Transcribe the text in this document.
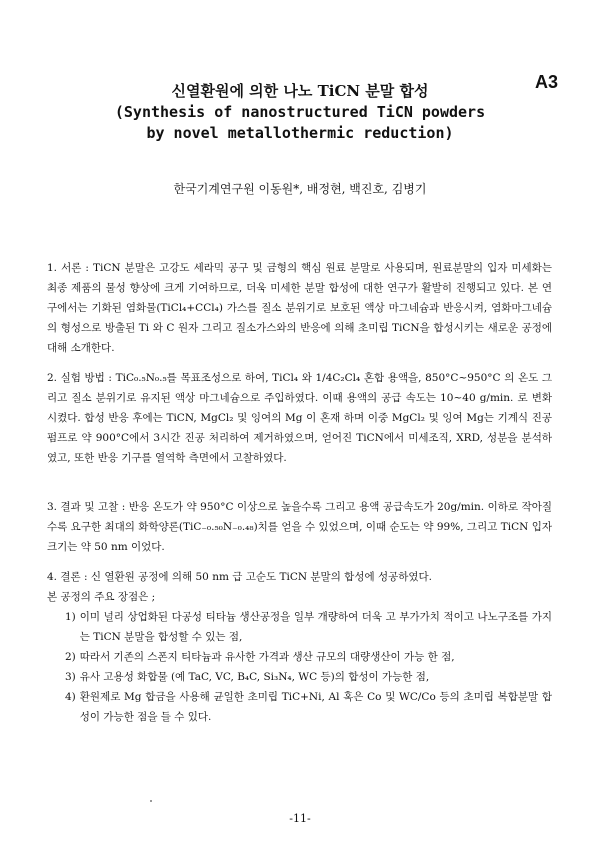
A3
신열환원에 의한 나노 TiCN 분말 합성
(Synthesis of nanostructured TiCN powders
by novel metallothermic reduction)
한국기계연구원 이동원*, 배정현, 백진호, 김병기
1. 서론 : TiCN 분말은 고강도 세라믹 공구 및 금형의 핵심 원료 분말로 사용되며, 원료분말의 입자 미세화는 최종 제품의 물성 향상에 크게 기여하므로, 더욱 미세한 분말 합성에 대한 연구가 활발히 진행되고 있다. 본 연구에서는 기화된 염화물(TiCl₄+CCl₄) 가스를 질소 분위기로 보호된 액상 마그네슘과 반응시켜, 염화마그네슘의 형성으로 방출된 Ti 와 C 원자 그리고 질소가스와의 반응에 의해 초미립 TiCN을 합성시키는 새로운 공정에 대해 소개한다.
2. 실험 방법 : TiC₀.₅N₀.₅를 목표조성으로 하여, TiCl₄ 와 1/4C₂Cl₄ 혼합 용액을, 850°C~950°C 의 온도 그리고 질소 분위기로 유지된 액상 마그네슘으로 주입하였다. 이때 용액의 공급 속도는 10~40 g/min. 로 변화 시켰다. 합성 반응 후에는 TiCN, MgCl₂ 및 잉여의 Mg 이 혼재 하며 이중 MgCl₂ 및 잉여 Mg는 기계식 진공 펌프로 약 900°C에서 3시간 진공 처리하여 제거하였으며, 얻어진 TiCN에서 미세조직, XRD, 성분을 분석하였고, 또한 반응 기구를 열역학 측면에서 고찰하였다.
3. 결과 및 고찰 : 반응 온도가 약 950°C 이상으로 높을수록 그리고 용액 공급속도가 20g/min. 이하로 작아질수록 요구한 최대의 화학양론(TiC₋₀.₅₀N₋₀.₄₈)치를 얻을 수 있었으며, 이때 순도는 약 99%, 그리고 TiCN 입자 크기는 약 50 nm 이었다.

4. 결론 : 신 열환원 공정에 의해 50 nm 급 고순도 TiCN 분말의 합성에 성공하였다.

본 공정의 주요 장점은 ;

1) 이미 널리 상업화된 다공성 티타늄 생산공정을 일부 개량하여 더욱 고 부가가치 적이고 나노구조를 가지는 TiCN 분말을 합성할 수 있는 점,
2) 따라서 기존의 스폰지 티타늄과 유사한 가격과 생산 규모의 대량생산이 가능 한 점,
3) 유사 고용성 화합물 (예 TaC, VC, B₄C, Si₃N₄, WC 등)의 합성이 가능한 점,
4) 환원제로 Mg 합금을 사용해 균일한 초미립 TiC+Ni, Al 혹은 Co 및 WC/Co 등의 초미립 복합분말 합성이 가능한 점을 들 수 있다.
-11-
